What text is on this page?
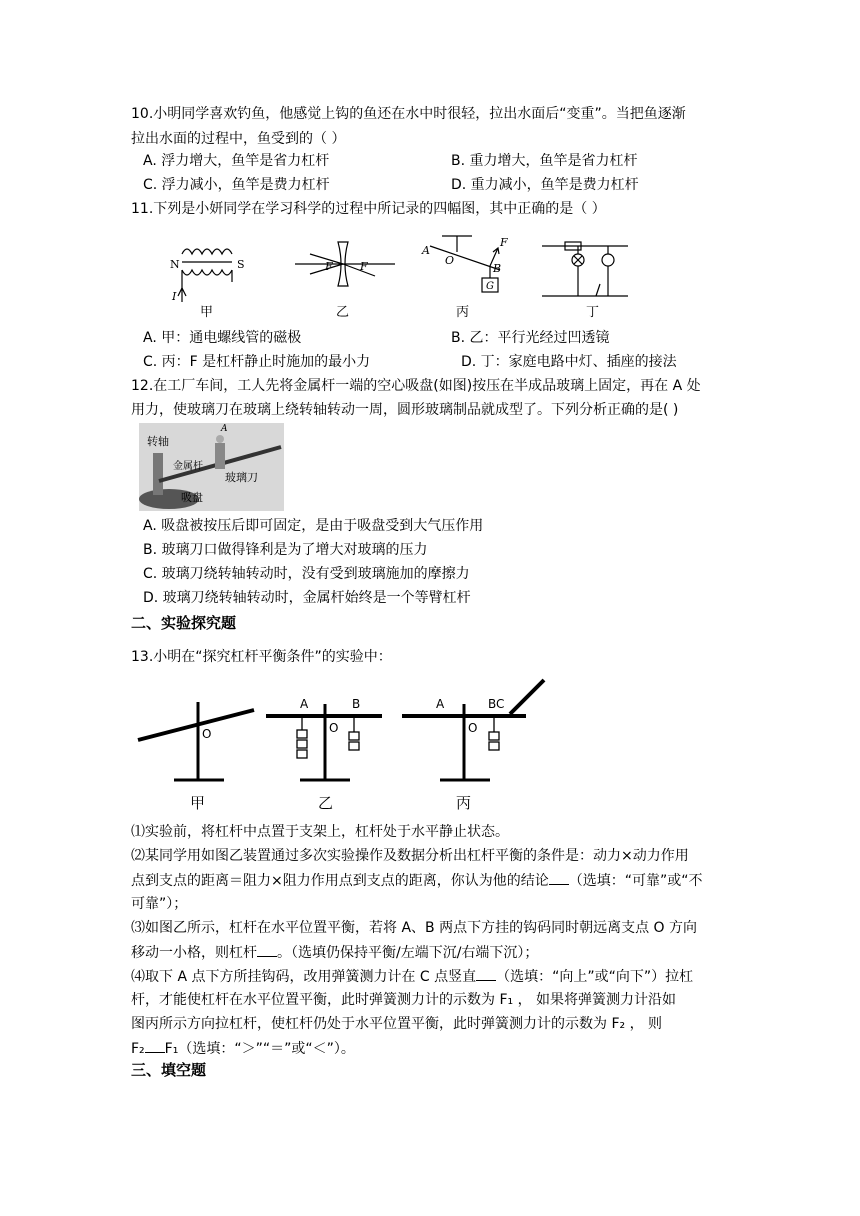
10.小明同学喜欢钓鱼，他感觉上钩的鱼还在水中时很轻，拉出水面后“变重”。当把鱼逐渐
拉出水面的过程中，鱼受到的（ ）
A. 浮力增大，鱼竿是省力杠杆	B. 重力增大，鱼竿是省力杠杆
C. 浮力减小，鱼竿是费力杠杆	D. 重力减小，鱼竿是费力杠杆
11.下列是小妍同学在学习科学的过程中所记录的四幅图，其中正确的是（ ）
N	S
I
甲
F F
乙
A
O
B
F
G
丙	丁
A. 甲：通电螺线管的磁极	B. 乙：平行光经过凹透镜
C. 丙：F 是杠杆静止时施加的最小力	D. 丁：家庭电路中灯、插座的接法
12.在工厂车间，工人先将金属杆一端的空心吸盘(如图)按压在半成品玻璃上固定，再在 A 处
用力，使玻璃刀在玻璃上绕转轴转动一周，圆形玻璃制品就成型了。下列分析正确的是( )
转轴
金属杆
吸盘
玻璃刀
A
A. 吸盘被按压后即可固定，是由于吸盘受到大气压作用
B. 玻璃刀口做得锋利是为了增大对玻璃的压力
C. 玻璃刀绕转轴转动时，没有受到玻璃施加的摩擦力
D. 玻璃刀绕转轴转动时，金属杆始终是一个等臂杠杆
二、实验探究题
13.小明在“探究杠杆平衡条件”的实验中：
O
甲
A	B
O
乙
A	BC
O
丙
⑴实验前，将杠杆中点置于支架上，杠杆处于水平静止状态。
⑵某同学用如图乙装置通过多次实验操作及数据分析出杠杆平衡的条件是：动力×动力作用
点到支点的距离＝阻力×阻力作用点到支点的距离，你认为他的结论 （选填：“可靠”或“不
可靠”）；
⑶如图乙所示，杠杆在水平位置平衡，若将 A、B 两点下方挂的钩码同时朝远离支点 O 方向
移动一小格，则杠杆 。（选填仍保持平衡/左端下沉/右端下沉）；
⑷取下 A 点下方所挂钩码，改用弹簧测力计在 C 点竖直 （选填：“向上”或“向下”）拉杠
杆，才能使杠杆在水平位置平衡，此时弹簧测力计的示数为 F₁ ， 如果将弹簧测力计沿如
图丙所示方向拉杠杆，使杠杆仍处于水平位置平衡，此时弹簧测力计的示数为 F₂ ， 则
F₂ F₁（选填：“＞”“＝”或“＜”）。
三、填空题
